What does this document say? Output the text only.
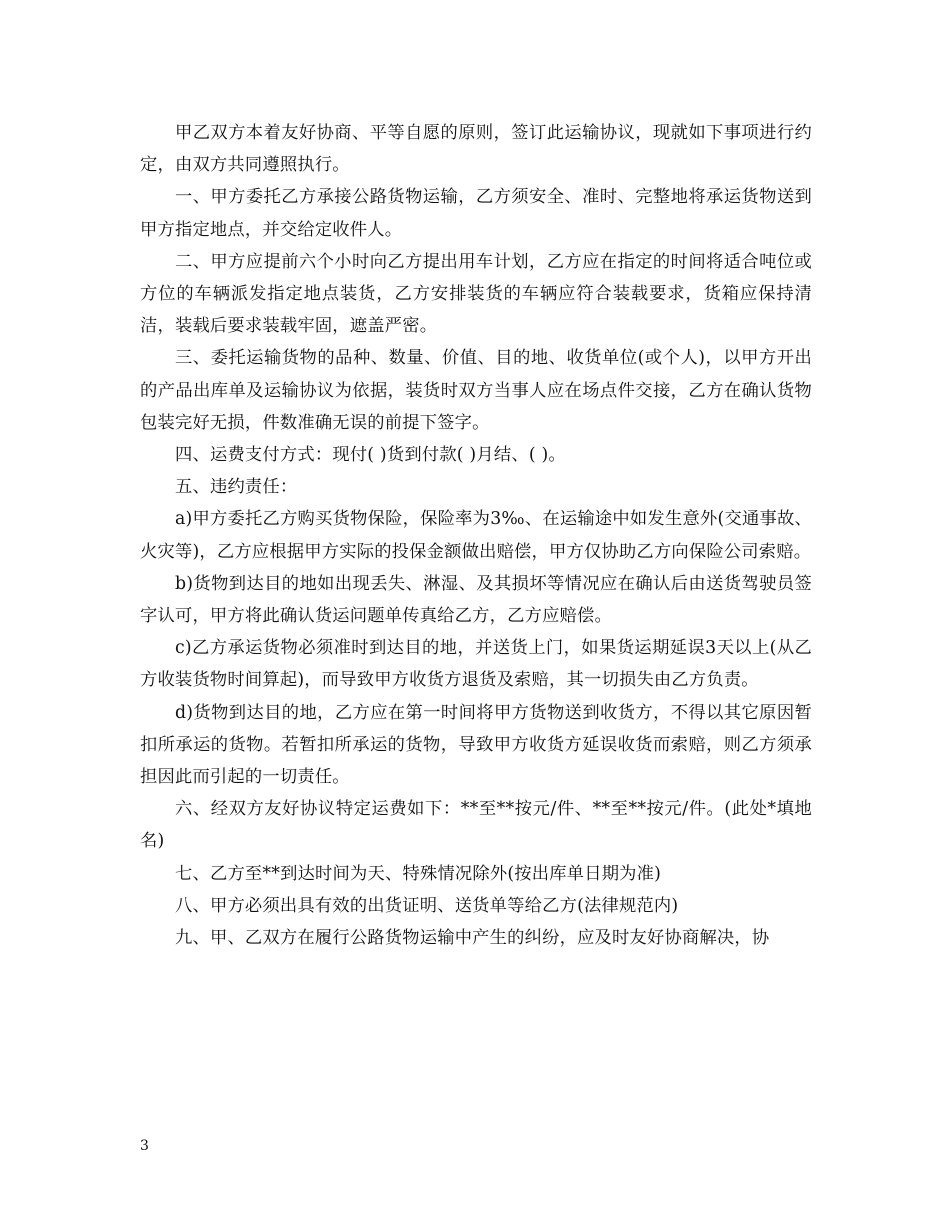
甲乙双方本着友好协商、平等自愿的原则，签订此运输协议，现就如下事项进行约定，由双方共同遵照执行。

一、甲方委托乙方承接公路货物运输，乙方须安全、准时、完整地将承运货物送到甲方指定地点，并交给定收件人。

二、甲方应提前六个小时向乙方提出用车计划，乙方应在指定的时间将适合吨位或方位的车辆派发指定地点装货，乙方安排装货的车辆应符合装载要求，货箱应保持清洁，装载后要求装载牢固，遮盖严密。

三、委托运输货物的品种、数量、价值、目的地、收货单位(或个人)，以甲方开出的产品出库单及运输协议为依据，装货时双方当事人应在场点件交接，乙方在确认货物包装完好无损，件数准确无误的前提下签字。

四、运费支付方式：现付( )货到付款( )月结、( )。

五、违约责任：

a)甲方委托乙方购买货物保险，保险率为3‰、在运输途中如发生意外(交通事故、火灾等)，乙方应根据甲方实际的投保金额做出赔偿，甲方仅协助乙方向保险公司索赔。

b)货物到达目的地如出现丢失、淋湿、及其损坏等情况应在确认后由送货驾驶员签字认可，甲方将此确认货运问题单传真给乙方，乙方应赔偿。

c)乙方承运货物必须准时到达目的地，并送货上门，如果货运期延误3天以上(从乙方收装货物时间算起)，而导致甲方收货方退货及索赔，其一切损失由乙方负责。

d)货物到达目的地，乙方应在第一时间将甲方货物送到收货方，不得以其它原因暂扣所承运的货物。若暂扣所承运的货物，导致甲方收货方延误收货而索赔，则乙方须承担因此而引起的一切责任。

六、经双方友好协议特定运费如下：**至**按元/件、**至**按元/件。(此处*填地名)

七、乙方至**到达时间为天、特殊情况除外(按出库单日期为准)

八、甲方必须出具有效的出货证明、送货单等给乙方(法律规范内)

九、甲、乙双方在履行公路货物运输中产生的纠纷，应及时友好协商解决，协

3
